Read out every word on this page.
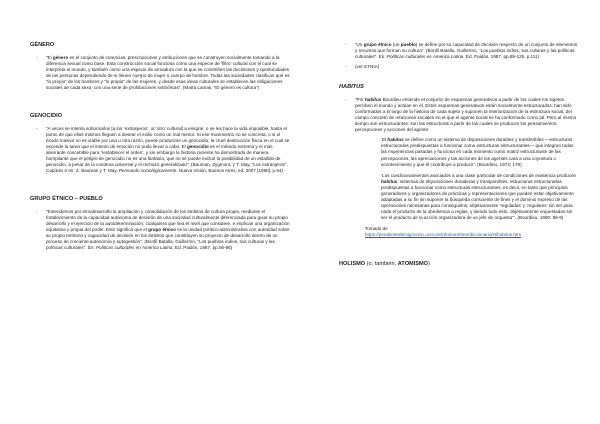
GÉNERO
- “El género es el conjunto de creencias, prescripciones y atribuciones que se construyen socialmente tomando a la diferencia sexual como base. Esta construcción social funciona como una especie de ‘filtro’ cultural con el cual se interpreta el mundo, y también como una especie de armadura con la que se constriñen las decisiones y oportunidades de las personas dependiendo de si tienen cuerpo de mujer o cuerpo de hombre. Todas las sociedades clasifican qué es “lo propio” de los hombres y “lo propio” de las mujeres, y desde esas ideas culturales se establecen las obligaciones sociales de cada sexo, con una serie de prohibiciones simbólicas”. (Marta Lamas, “El género es cultura”)
GENOCIDIO
- “A veces se intenta sobornarlos [a los ‘extranjeros’, al ‘otro’ cultural] a emigrar, o se les hace la vida imposible, hasta el punto de que ellos mismos lleguen a desear el exilio como un mal menor. Si ese movimiento no se concreta, o si el éxodo masivo no es viable por una u otra razón, puede producirse un genocidio; la cruel destrucción física en el cual se esconde la tarea que el intento de emoción no pudo llevar a cabo. El genocidio es el método extremo y el más aberrante concebible para ‘restablecer el orden’, y sin embargo la historia reciente ha demostrado de manera horripilante que el peligro de genocidio no es una fantasía, que no se puede excluir la posibilidad de un estallido de genocidio, a pesar de la condena universal y el rechazo generalizado”. (Bauman, Zygmunt, y T. May, “Los extranjeros”, Capítulo 3 en: Z. Bauman y T. May, Pensando sociológicamente. Nueva Visión, Buenos Aires, ed. 2007 [1990]; p.64)
GRUPO ÉTNICO – PUEBLO
- “Entendemos por etnodesarrollo la ampliación y consolidación de los ámbitos de cultura propia, mediante el fortalecimiento de la capacidad autónoma de decisión de una sociedad culturalmente diferenciada para guiar su propio desarrollo y el ejercicio de la autodeterminación, cualquiera que sea el nivel que considere, e implican una organización equitativa y propia del poder. Esto significa que el grupo étnico es la unidad político-administrativa con autoridad sobre su propio territorio y capacidad de decisión en los ámbitos que constituyen su proyecto de desarrollo dentro de un proceso de creciente autonomía y autogestión”. (Bonfil Batalla, Guillermo, “Los pueblos indios, sus culturas y las políticas culturales”. En: Políticas culturales en América Latina. Ed. Paidós, 1987. pp.95-96)
- “Un grupo étnico (un pueblo) se define por su capacidad de decisión respecto de un conjunto de elementos y recursos que forman su cultura”. (Bonfil Batalla, Guillermo, “Los pueblos indios, sus culturas y las políticas culturales”. En: Políticas culturales en América Latina. Ed. Paidós, 1987. pp.89-125. p.111)
- (ver ETNIA)
HABITUS
- “Por habitus Bourdieu entiende el conjunto de esquemas generativos a partir de los cuales los sujetos perciben el mundo y actúan en él. Estos esquemas generativos están socialmente estructurados: han sido conformados a lo largo de la historia de cada sujeto y suponen la interiorización de la estructura social, del campo concreto de relaciones sociales en el que el agente social se ha conformado como tal. Pero al mismo tiempo son estructurantes: son las estructuras a partir de las cuales se producen los pensamientos, percepciones y acciones del agente:
‘El habitus se define como un sistema de disposiciones durables y transferibles —estructuras estructuradas predispuestas a funcionar como estructuras estructurantes— que integran todas las experiencias pasadas y funciona en cada momento como matriz estructurante de las percepciones, las apreciaciones y las acciones de los agentes cara a una coyuntura o acontecimiento y que él contribuye a producir’. (Bourdieu, 1972: 178)
‘Los condicionamientos asociados a una clase particular de condiciones de existencia producen habitus, sistemas de disposiciones duraderas y transponibles, estructuras estructuradas predispuestas a funcionar como estructuras estructurantes, es decir, en tanto que principios generadores y organizadores de prácticas y representaciones que pueden estar objetivamente adaptadas a su fin sin suponer la búsqueda consciente de fines y el dominio expreso de las operaciones necesarias para conseguirlos, objetivamente ‘reguladas’ y ‘regulares’ sin ser para nada el producto de la obediencia a reglas, y siendo todo esto, objetivamente orquestadas sin ser el producto de la acción organizadora de un jefe de orquesta’”. (Bourdieu, 1980: 88-9)
Tomado de
https://pendientedemigracion.ucm.es/info/eurotheo/diccionario/H/habitus.htm
HOLISMO (o, también, ATOMISMO)
